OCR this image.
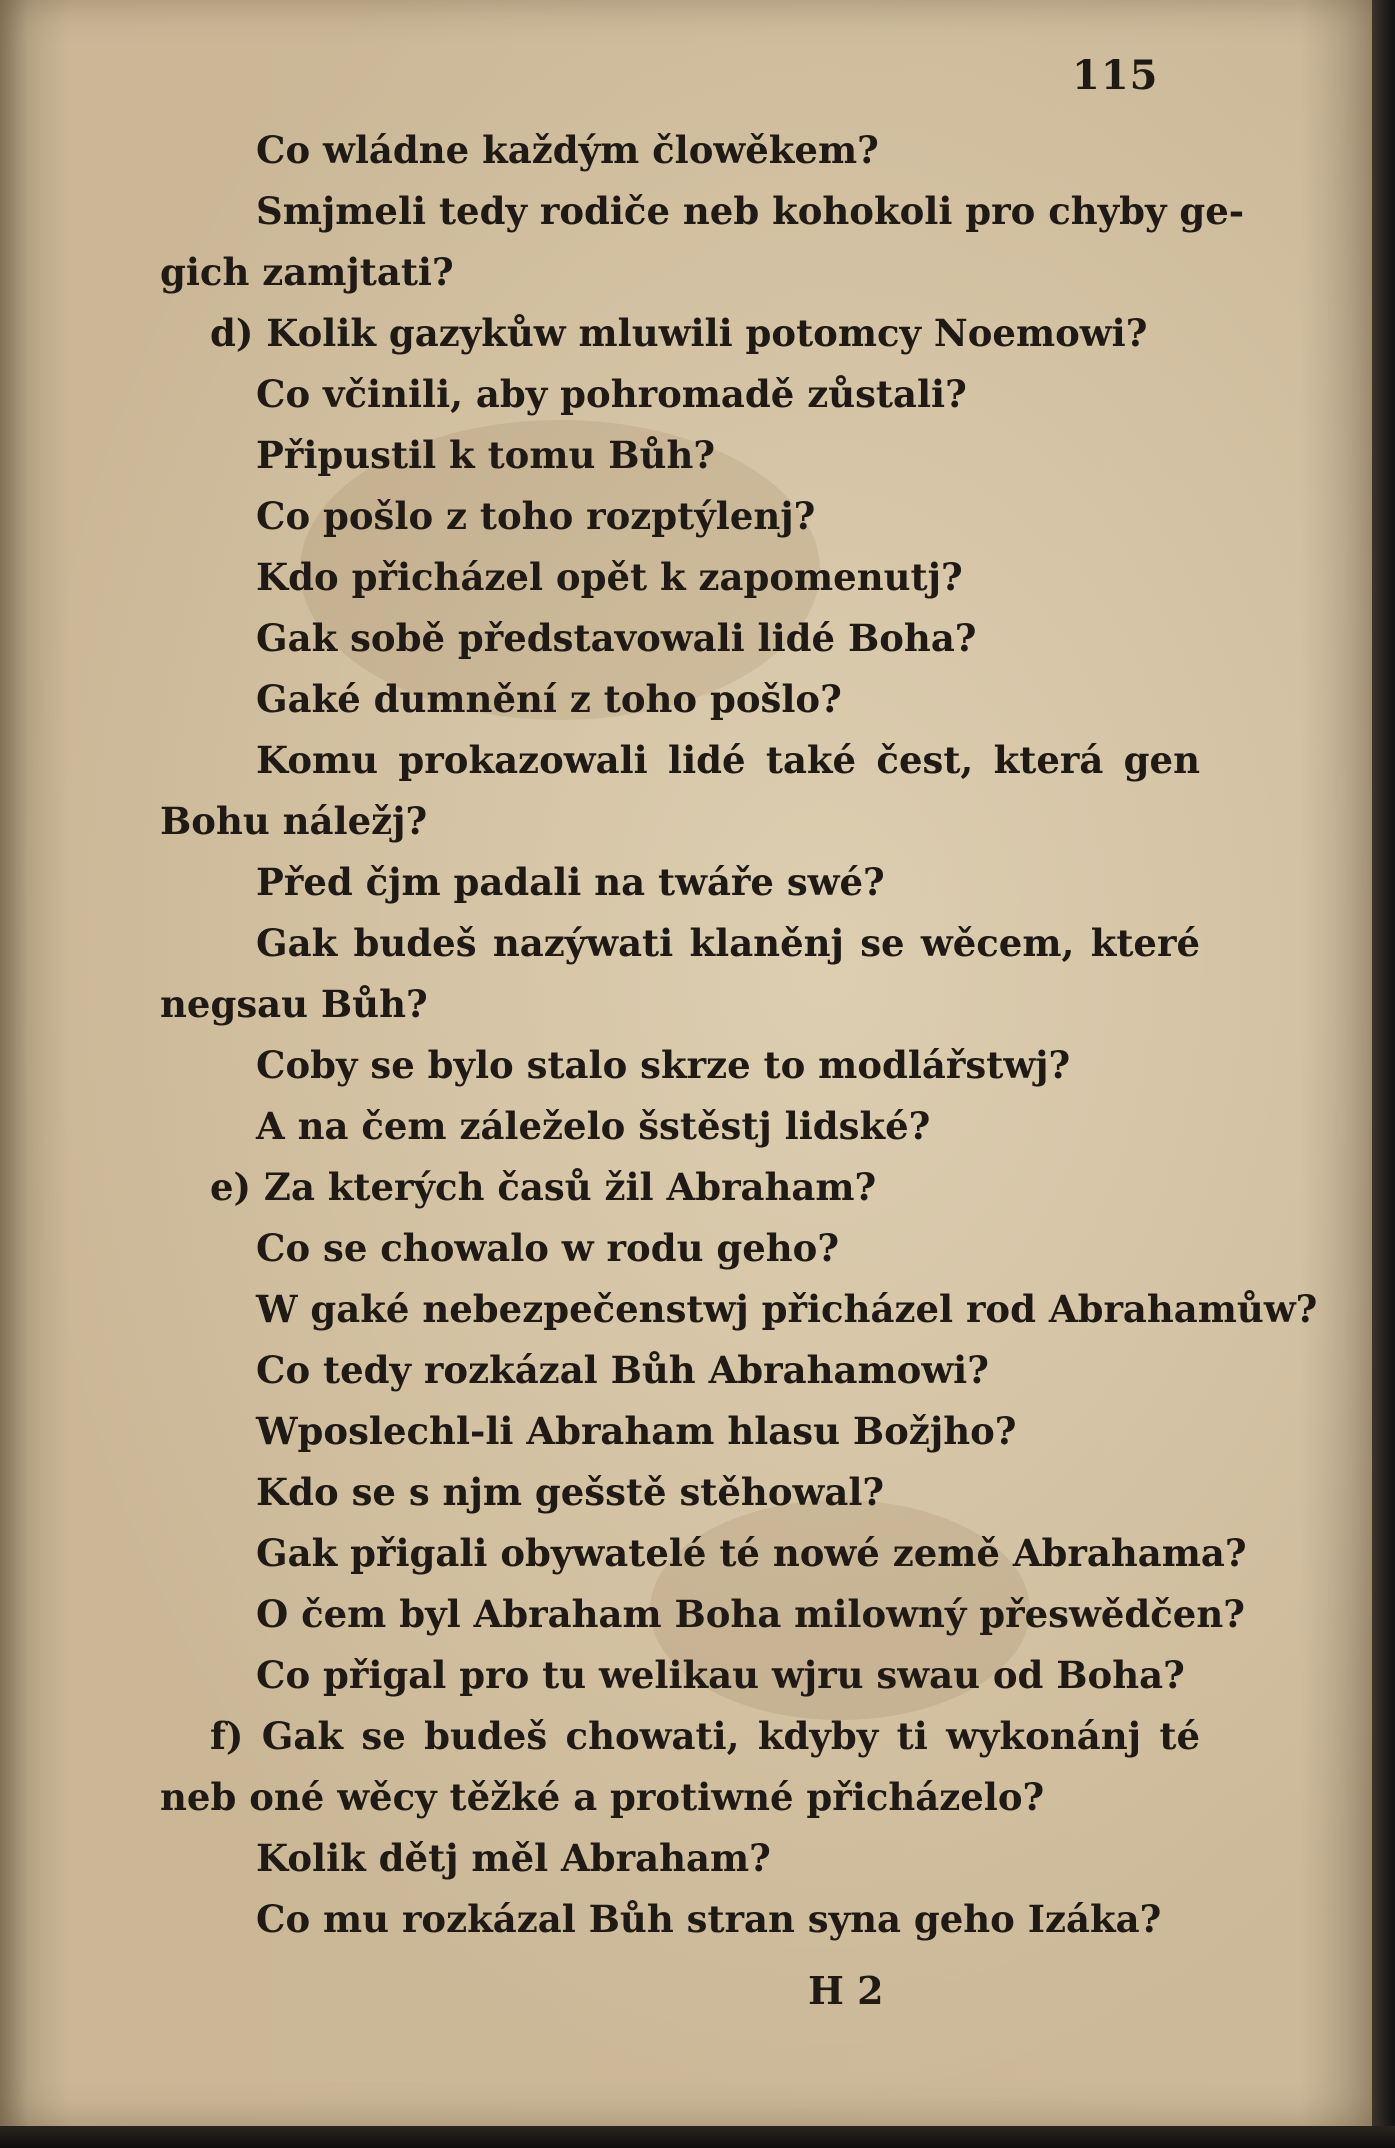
115
Co wládne každým člowěkem?
Smjmeli tedy rodiče neb kohokoli pro chyby ge-
gich zamjtati?
d) Kolik gazykůw mluwili potomcy Noemowi?
Co včinili, aby pohromadě zůstali?
Připustil k tomu Bůh?
Co pošlo z toho rozptýlenj?
Kdo přicházel opět k zapomenutj?
Gak sobě představowali lidé Boha?
Gaké dumnění z toho pošlo?
Komu prokazowali lidé také čest, která gen
Bohu náležj?
Před čjm padali na twáře swé?
Gak budeš nazýwati klaněnj se wěcem, které
negsau Bůh?
Coby se bylo stalo skrze to modlářstwj?
A na čem záleželo šstěstj lidské?
e) Za kterých časů žil Abraham?
Co se chowalo w rodu geho?
W gaké nebezpečenstwj přicházel rod Abrahamůw?
Co tedy rozkázal Bůh Abrahamowi?
Wposlechl-li Abraham hlasu Božjho?
Kdo se s njm gešstě stěhowal?
Gak přigali obywatelé té nowé země Abrahama?
O čem byl Abraham Boha milowný přeswědčen?
Co přigal pro tu welikau wjru swau od Boha?
f) Gak se budeš chowati, kdyby ti wykonánj té
neb oné wěcy těžké a protiwné přicházelo?
Kolik dětj měl Abraham?
Co mu rozkázal Bůh stran syna geho Izáka?
H 2
